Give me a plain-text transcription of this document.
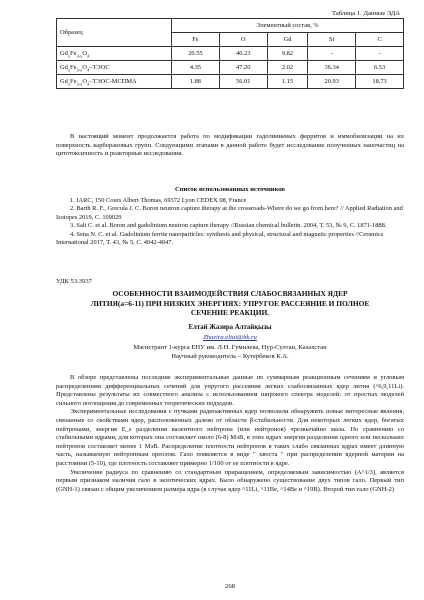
Таблица 1. Данные ЭДА
Образец	Элементный состав, %				
	Fe	O	Gd	Si	C
$Gd_xFe_{3-x}O_4$	20.55	40.23	9.82	-	-
$Gd_xFe_{3-x}O_4$–ТЭОС	4.35	47.20	2.02	36.34	6.53
$Gd_xFe_{3-x}O_4-ТЭОС$-МСПМА	1.88	56.01	1.15	20.93	18.73

В настоящий момент продолжается работа по модификации гадолиниевых ферритов и иммобилизации на их поверхность карборановых групп. Следующими этапами в данной работе будет исследование полученных наночастиц на цитотоксичность и реакторные исследования.

Список использованных источников

1. IARC, 150 Cours Albert Thomas, 69372 Lyon CEDEX 08, France

2. Barth R. F., Grecula J. C. Boron neutron capture therapy at the crossroads-Where do we go from here? // Applied Radiation and Isotopes 2019, С. 109029

3. Salt C. et al. Boron and gadolinium neutron capture therapy //Russian chemical bulletin. 2004, Т. 53, № 9, С. 1871-1888.

4. Sena N. C. et al. Gadolinium ferrite nanoparticles: synthesis and physical, structural and magnetic properties //Ceramics International 2017, Т. 43, № 5, С. 4042-4047.

УДК 53.3937
ОСОБЕННОСТИ ВЗАИМОДЕЙСТВИЯ СЛАБОСВЯЗАННЫХ ЯДЕР
ЛИТИЯ(a=6-11) ПРИ НИЗКИХ ЭНЕРГИЯХ: УПРУГОЕ РАССЕЯНИЕ И ПОЛНОЕ
СЕЧЕНИЕ РЕАКЦИИ.
Елтай Жазира Алтайқызы
Zhazira.eltai@bk.ru
Магистрант 1-курса ЕНУ им. Л.Н. Гумилева, Нур-Султан, Казахстан
Научный руководитель – Кутербеков К.А.

В обзоре представлены последние экспериментальные данные по суммарным реакционным сечениям и угловым распределениям дифференциальных сечений для упругого рассеяния легких слабосвязанных ядер лития (^6,9,11Li). Представлены результаты их совместного анализа с использованием широкого спектра моделей: от простых моделей сильного поглощения до современных теоретических подходов.

Экспериментальные исследования с пучками радиоактивных ядер позволили обнаружить новые интересные явления, связанные со свойствами ядер, расположенных далеко от области β-стабильности. Для некоторых легких ядер, богатых нейтронами, энергия E_s разделения валентного нейтрона (или нейтронов) чрезвычайно мала. По сравнению со стабильными ядрами, для которых она составляет около (6-8) МэВ, в этих ядрах энергия разделения одного или нескольких нейтронов составляет менее 1 МэВ. Распределение плотности нейтронов в таких слабо связанных ядрах имеет длинную часть, называемую нейтронным ореолом. Гало появляется в виде " хвоста " при распределении ядерной материи на расстоянии (5-10), где плотность составляет примерно 1/100 от ее плотности в ядре.

Увеличение радиуса по сравнению со стандартным приращением, определяемым зависимостью (A^1/3), является первым признаком наличия гало в экзотических ядрах. Было обнаружено существование двух типов гало. Первый тип (GNH-1) связан с общим увеличением размера ядра (в случае ядер ^11Li, ^11Be, ^14Be и ^19B). Второй тип гало (GNH-2)

268
